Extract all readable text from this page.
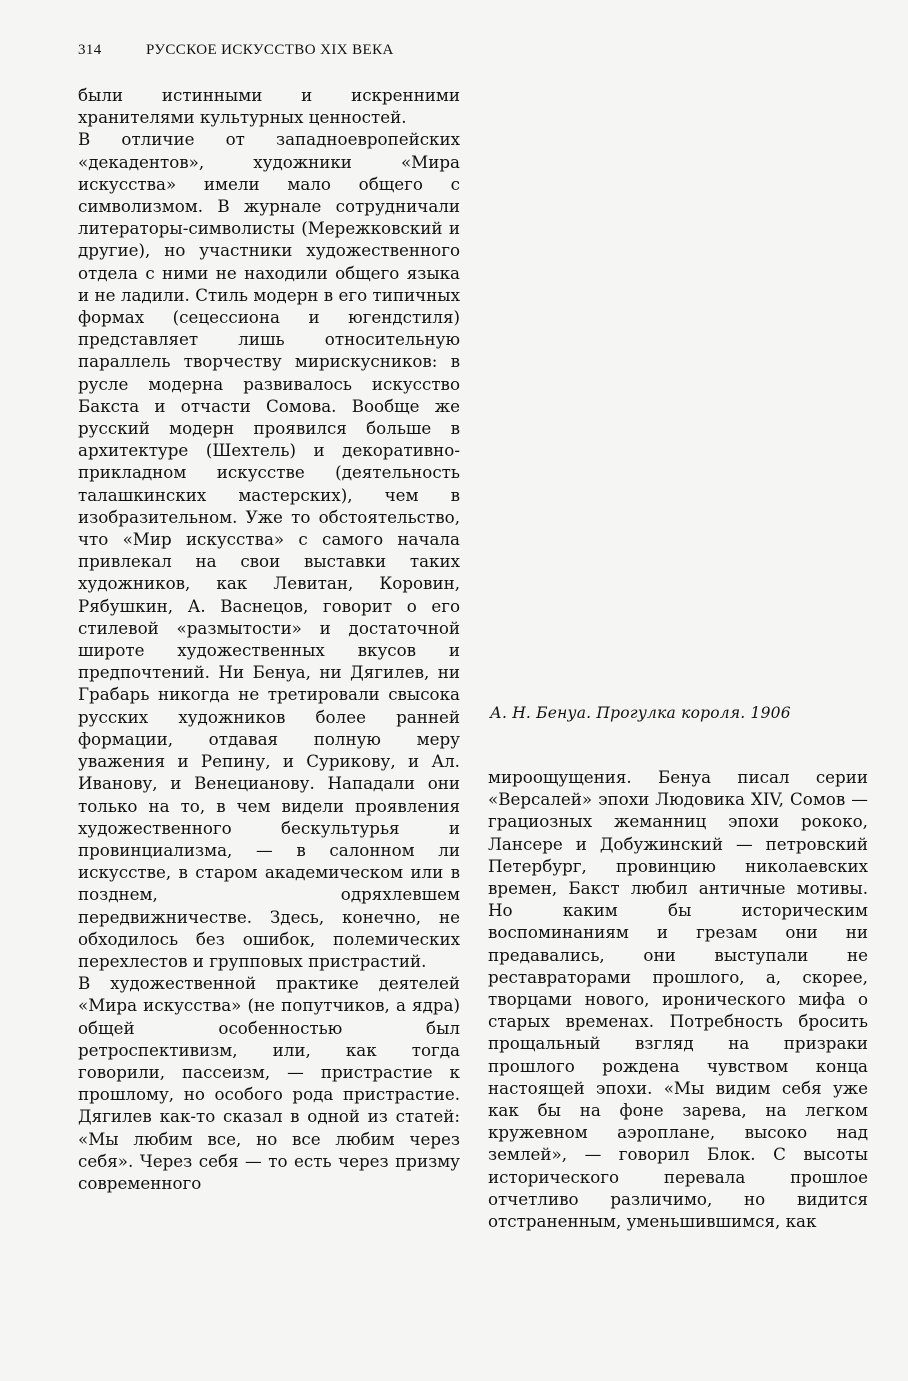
314	РУССКОЕ ИСКУССТВО XIX ВЕКА

были истинными и искренними хранителями культурных ценностей.

В отличие от западноевропейских «декадентов», художники «Мира искусства» имели мало общего с символизмом. В журнале сотрудничали литераторы-символисты (Мережковский и другие), но участники художественного отдела с ними не находили общего языка и не ладили. Стиль модерн в его типичных формах (сецессиона и югендстиля) представляет лишь относительную параллель творчеству мирискусников: в русле модерна развивалось искусство Бакста и отчасти Сомова. Вообще же русский модерн проявился больше в архитектуре (Шехтель) и декоративно-прикладном искусстве (деятельность талашкинских мастерских), чем в изобразительном. Уже то обстоятельство, что «Мир искусства» с самого начала привлекал на свои выставки таких художников, как Левитан, Коровин, Рябушкин, А. Васнецов, говорит о его стилевой «размытости» и достаточной широте художественных вкусов и предпочтений. Ни Бенуа, ни Дягилев, ни Грабарь никогда не третировали свысока русских художников более ранней формации, отдавая полную меру уважения и Репину, и Сурикову, и Ал. Иванову, и Венецианову. Нападали они только на то, в чем видели проявления художественного бескультурья и провинциализма, — в салонном ли искусстве, в старом академическом или в позднем, одряхлевшем передвижничестве. Здесь, конечно, не обходилось без ошибок, полемических перехлестов и групповых пристрастий.

В художественной практике деятелей «Мира искусства» (не попутчиков, а ядра) общей особенностью был ретроспективизм, или, как тогда говорили, пассеизм, — пристрастие к прошлому, но особого рода пристрастие. Дягилев как-то сказал в одной из статей: «Мы любим все, но все любим через себя». Через себя — то есть через призму современного

А. Н. Бенуа. Прогулка короля. 1906

мироощущения. Бенуа писал серии «Версалей» эпохи Людовика XIV, Сомов — грациозных жеманниц эпохи рококо, Лансере и Добужинский — петровский Петербург, провинцию николаевских времен, Бакст любил античные мотивы. Но каким бы историческим воспоминаниям и грезам они ни предавались, они выступали не реставраторами прошлого, а, скорее, творцами нового, иронического мифа о старых временах. Потребность бросить прощальный взгляд на призраки прошлого рождена чувством конца настоящей эпохи. «Мы видим себя уже как бы на фоне зарева, на легком кружевном аэроплане, высоко над землей», — говорил Блок. С высоты исторического перевала прошлое отчетливо различимо, но видится отстраненным, уменьшившимся, как
